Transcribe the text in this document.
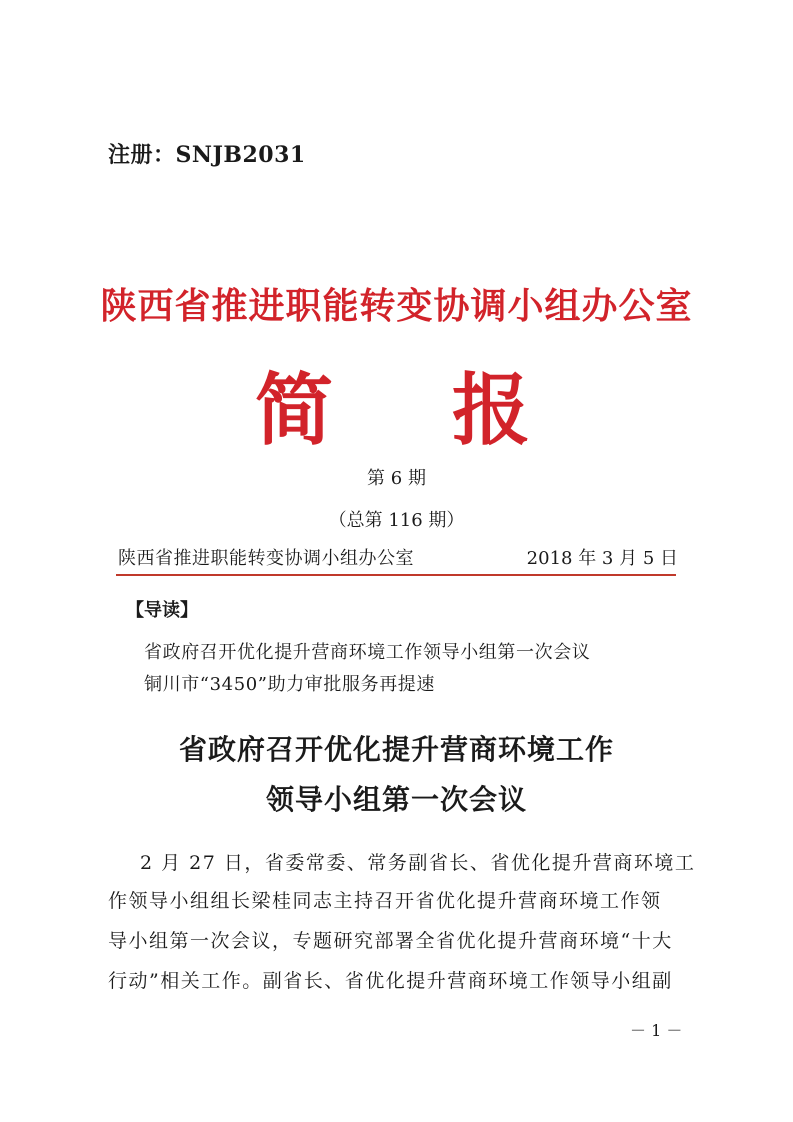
注册：SNJB2031
陕西省推进职能转变协调小组办公室
简 报
第 6 期
（总第 116 期）
陕西省推进职能转变协调小组办公室	2018 年 3 月 5 日
【导读】
省政府召开优化提升营商环境工作领导小组第一次会议
铜川市“3450”助力审批服务再提速
省政府召开优化提升营商环境工作
领导小组第一次会议
2 月 27 日，省委常委、常务副省长、省优化提升营商环境工
作领导小组组长梁桂同志主持召开省优化提升营商环境工作领
导小组第一次会议，专题研究部署全省优化提升营商环境“十大
行动”相关工作。副省长、省优化提升营商环境工作领导小组副
－ 1 －
